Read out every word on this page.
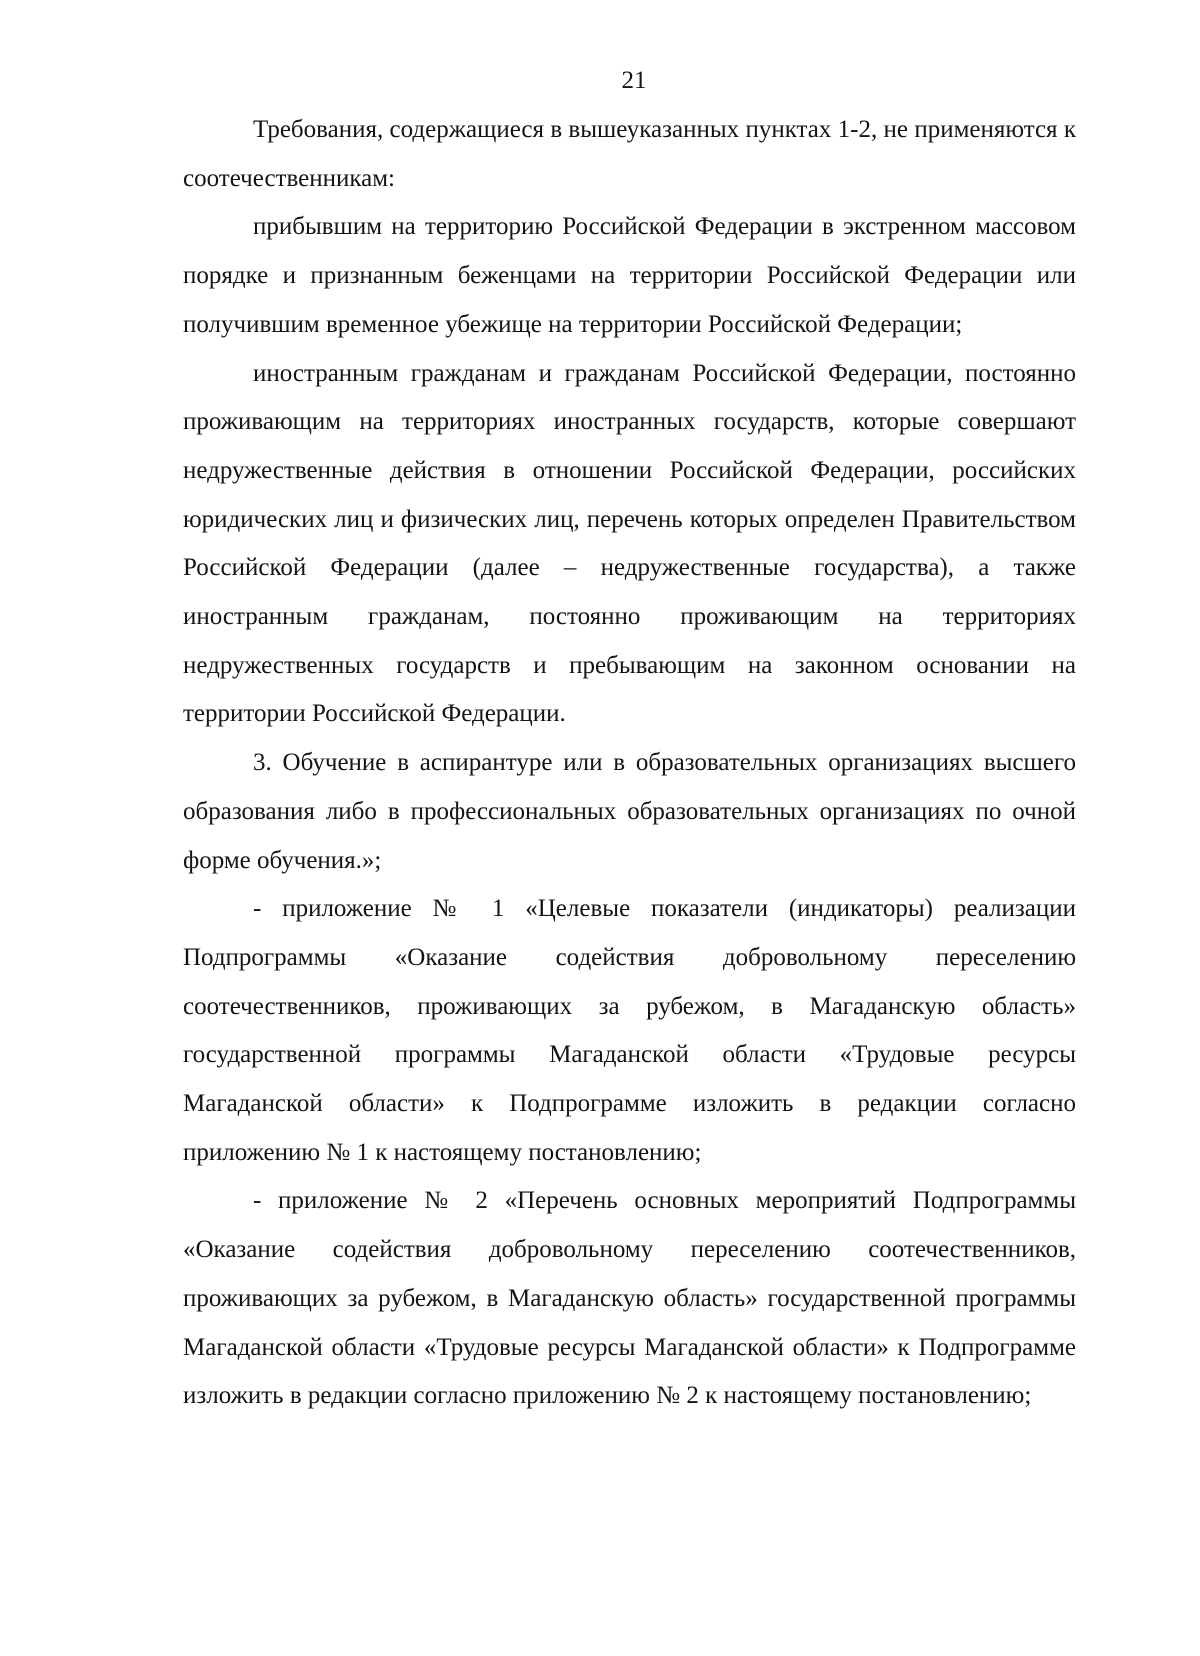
21

Требования, содержащиеся в вышеуказанных пунктах 1-2, не применяются к соотечественникам:

прибывшим на территорию Российской Федерации в экстренном массовом порядке и признанным беженцами на территории Российской Федерации или получившим временное убежище на территории Российской Федерации;

иностранным гражданам и гражданам Российской Федерации, постоянно проживающим на территориях иностранных государств, которые совершают недружественные действия в отношении Российской Федерации, российских юридических лиц и физических лиц, перечень которых определен Правительством Российской Федерации (далее – недружественные государства), а также иностранным гражданам, постоянно проживающим на территориях недружественных государств и пребывающим на законном основании на территории Российской Федерации.

3. Обучение в аспирантуре или в образовательных организациях высшего образования либо в профессиональных образовательных организациях по очной форме обучения.»;

- приложение № 1 «Целевые показатели (индикаторы) реализации Подпрограммы «Оказание содействия добровольному переселению соотечественников, проживающих за рубежом, в Магаданскую область» государственной программы Магаданской области «Трудовые ресурсы Магаданской области» к Подпрограмме изложить в редакции согласно приложению № 1 к настоящему постановлению;

- приложение № 2 «Перечень основных мероприятий Подпрограммы «Оказание содействия добровольному переселению соотечественников, проживающих за рубежом, в Магаданскую область» государственной программы Магаданской области «Трудовые ресурсы Магаданской области» к Подпрограмме изложить в редакции согласно приложению № 2 к настоящему постановлению;
